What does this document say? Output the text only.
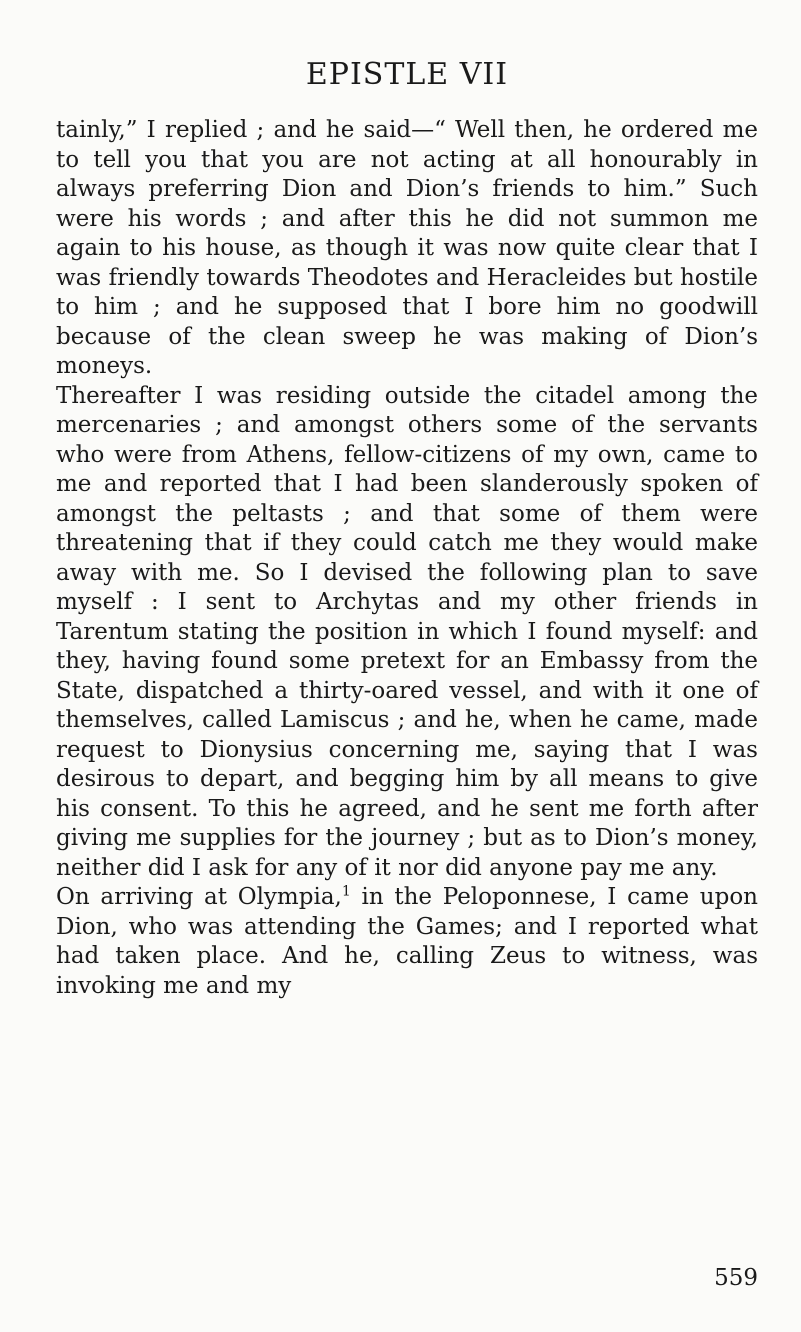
EPISTLE VII

tainly,” I replied ; and he said—“ Well then, he ordered me to tell you that you are not acting at all honourably in always preferring Dion and Dion’s friends to him.” Such were his words ; and after this he did not summon me again to his house, as though it was now quite clear that I was friendly towards Theodotes and Heracleides but hostile to him ; and he supposed that I bore him no goodwill because of the clean sweep he was making of Dion’s moneys.

Thereafter I was residing outside the citadel among the mercenaries ; and amongst others some of the servants who were from Athens, fellow-citizens of my own, came to me and reported that I had been slanderously spoken of amongst the peltasts ; and that some of them were threatening that if they could catch me they would make away with me. So I devised the following plan to save myself : I sent to Archytas and my other friends in Tarentum stating the position in which I found myself: and they, having found some pretext for an Embassy from the State, dispatched a thirty-oared vessel, and with it one of themselves, called Lamiscus ; and he, when he came, made request to Dionysius concerning me, saying that I was desirous to depart, and begging him by all means to give his consent. To this he agreed, and he sent me forth after giving me supplies for the journey ; but as to Dion’s money, neither did I ask for any of it nor did anyone pay me any.

On arriving at Olympia,$^1$ in the Peloponnese, I came upon Dion, who was attending the Games; and I reported what had taken place. And he, calling Zeus to witness, was invoking me and my

559
